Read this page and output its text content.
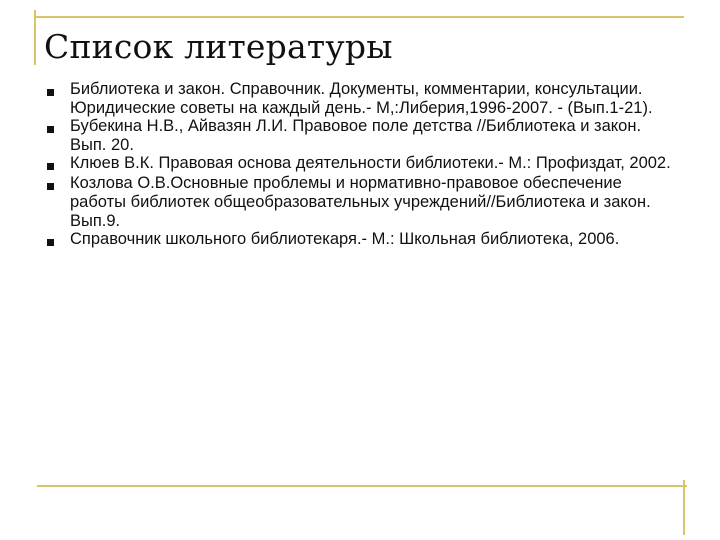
Список литературы
Библиотека и закон. Справочник. Документы, комментарии, консультации. Юридические советы на каждый день.- М,:Либерия,1996-2007. - (Вып.1-21).
Бубекина Н.В., Айвазян Л.И. Правовое поле детства //Библиотека и закон. Вып. 20.
Клюев В.К. Правовая основа деятельности библиотеки.- М.: Профиздат, 2002.
Козлова О.В.Основные проблемы и нормативно-правовое обеспечение работы библиотек общеобразовательных учреждений//Библиотека и закон. Вып.9.
Справочник школьного библиотекаря.- М.: Школьная библиотека, 2006.
